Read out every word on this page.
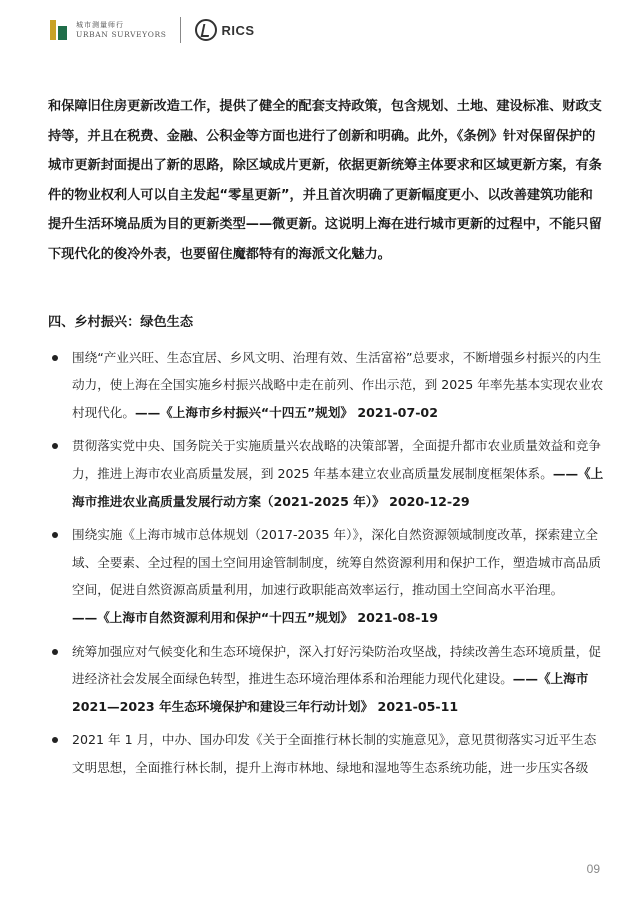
城市测量师行
URBAN SURVEYORS	RICS

和保障旧住房更新改造工作，提供了健全的配套支持政策，包含规划、土地、建设标准、财政支持等，并且在税费、金融、公积金等方面也进行了创新和明确。此外，《条例》针对保留保护的城市更新封面提出了新的思路，除区域成片更新，依据更新统筹主体要求和区域更新方案，有条件的物业权利人可以自主发起“零星更新”，并且首次明确了更新幅度更小、以改善建筑功能和提升生活环境品质为目的更新类型——微更新。这说明上海在进行城市更新的过程中，不能只留下现代化的俊冷外表，也要留住魔都特有的海派文化魅力。

四、乡村振兴：绿色生态
围绕“产业兴旺、生态宜居、乡风文明、治理有效、生活富裕”总要求，不断增强乡村振兴的内生动力，使上海在全国实施乡村振兴战略中走在前列、作出示范，到 2025 年率先基本实现农业农村现代化。——《上海市乡村振兴“十四五”规划》 2021-07-02
贯彻落实党中央、国务院关于实施质量兴农战略的决策部署，全面提升都市农业质量效益和竞争力，推进上海市农业高质量发展，到 2025 年基本建立农业高质量发展制度框架体系。——《上海市推进农业高质量发展行动方案（2021-2025 年）》 2020-12-29
围绕实施《上海市城市总体规划（2017-2035 年）》，深化自然资源领域制度改革，探索建立全域、全要素、全过程的国土空间用途管制制度，统筹自然资源利用和保护工作，塑造城市高品质空间，促进自然资源高质量利用，加速行政职能高效率运行，推动国土空间高水平治理。
——《上海市自然资源利用和保护“十四五”规划》 2021-08-19
统筹加强应对气候变化和生态环境保护，深入打好污染防治攻坚战，持续改善生态环境质量，促进经济社会发展全面绿色转型，推进生态环境治理体系和治理能力现代化建设。——《上海市 2021—2023 年生态环境保护和建设三年行动计划》 2021-05-11
2021 年 1 月，中办、国办印发《关于全面推行林长制的实施意见》，意见贯彻落实习近平生态文明思想，全面推行林长制，提升上海市林地、绿地和湿地等生态系统功能，进一步压实各级
09
